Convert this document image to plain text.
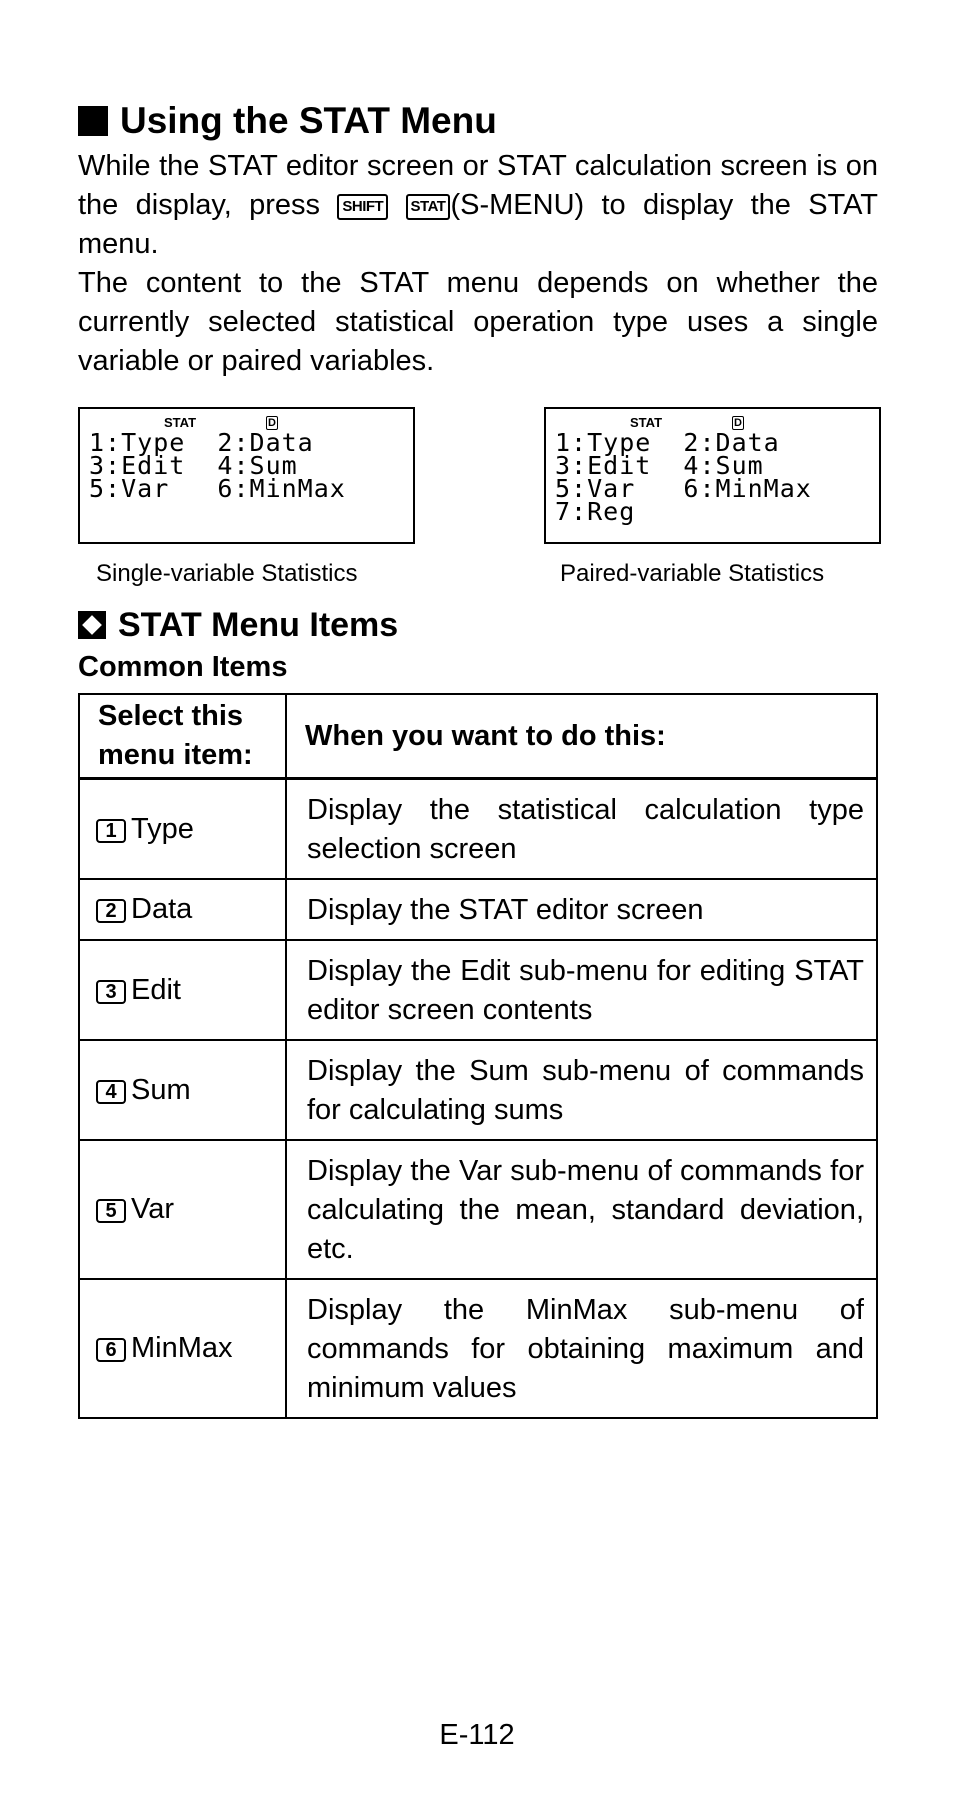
Using the STAT Menu

While the STAT editor screen or STAT calculation screen is on the display, press SHIFT STAT (S-MENU) to display the STAT menu.

The content to the STAT menu depends on whether the currently selected statistical operation type uses a single variable or paired variables.

STAT	D
1:Type  2:Data
3:Edit  4:Sum
5:Var   6:MinMax
STAT	D
1:Type  2:Data
3:Edit  4:Sum
5:Var   6:MinMax
7:Reg
Single-variable Statistics	Paired-variable Statistics
STAT Menu Items
Common Items
Select this menu item:	When you want to do this:
1 Type	Display the statistical calculation type selection screen
2 Data	Display the STAT editor screen
3 Edit	Display the Edit sub-menu for editing STAT editor screen contents
4 Sum	Display the Sum sub-menu of commands for calculating sums
5 Var	Display the Var sub-menu of commands for calculating the mean, standard deviation, etc.
6 MinMax	Display the MinMax sub-menu of commands for obtaining maximum and minimum values
E-112
